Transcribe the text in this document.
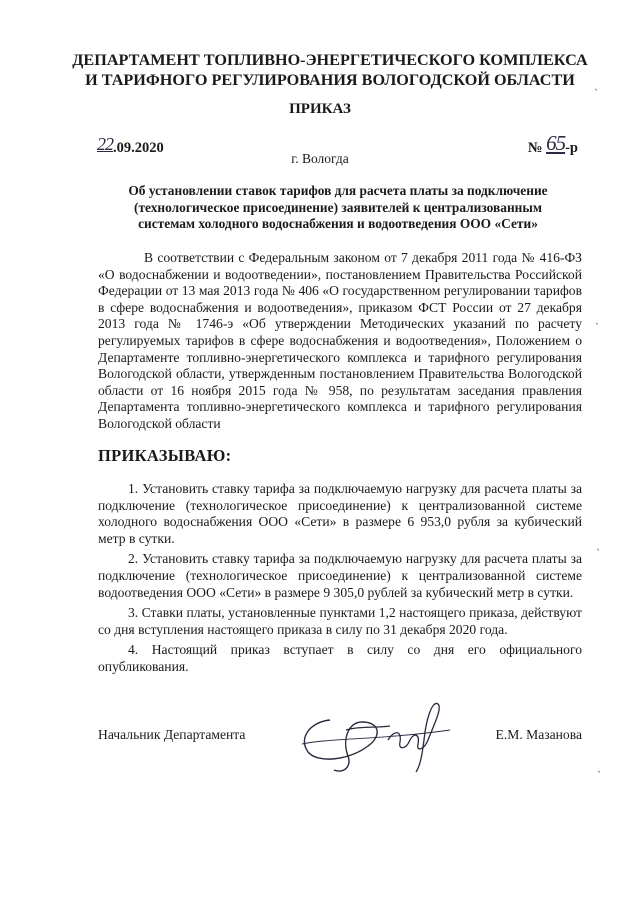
ДЕПАРТАМЕНТ ТОПЛИВНО-ЭНЕРГЕТИЧЕСКОГО КОМПЛЕКСА
И ТАРИФНОГО РЕГУЛИРОВАНИЯ ВОЛОГОДСКОЙ ОБЛАСТИ
ПРИКАЗ
22.09.2020	№ 65-р
г. Вологда
Об установлении ставок тарифов для расчета платы за подключение
(технологическое присоединение) заявителей к централизованным
системам холодного водоснабжения и водоотведения ООО «Сети»
В соответствии с Федеральным законом от 7 декабря 2011 года № 416-ФЗ «О водоснабжении и водоотведении», постановлением Правительства Российской Федерации от 13 мая 2013 года № 406 «О государственном регулировании тарифов в сфере водоснабжения и водоотведения», приказом ФСТ России от 27 декабря 2013 года № 1746-э «Об утверждении Методических указаний по расчету регулируемых тарифов в сфере водоснабжения и водоотведения», Положением о Департаменте топливно-энергетического комплекса и тарифного регулирования Вологодской области, утвержденным постановлением Правительства Вологодской области от 16 ноября 2015 года № 958, по результатам заседания правления Департамента топливно-энергетического комплекса и тарифного регулирования Вологодской области
ПРИКАЗЫВАЮ:

1. Установить ставку тарифа за подключаемую нагрузку для расчета платы за подключение (технологическое присоединение) к централизованной системе холодного водоснабжения ООО «Сети» в размере 6 953,0 рубля за кубический метр в сутки.

2. Установить ставку тарифа за подключаемую нагрузку для расчета платы за подключение (технологическое присоединение) к централизованной системе водоотведения ООО «Сети» в размере 9 305,0 рублей за кубический метр в сутки.

3. Ставки платы, установленные пунктами 1,2 настоящего приказа, действуют со дня вступления настоящего приказа в силу по 31 декабря 2020 года.

4. Настоящий приказ вступает в силу со дня его официального опубликования.

Начальник Департамента	Е.М. Мазанова
ˎ
ˎ
ˎ
ˎ
